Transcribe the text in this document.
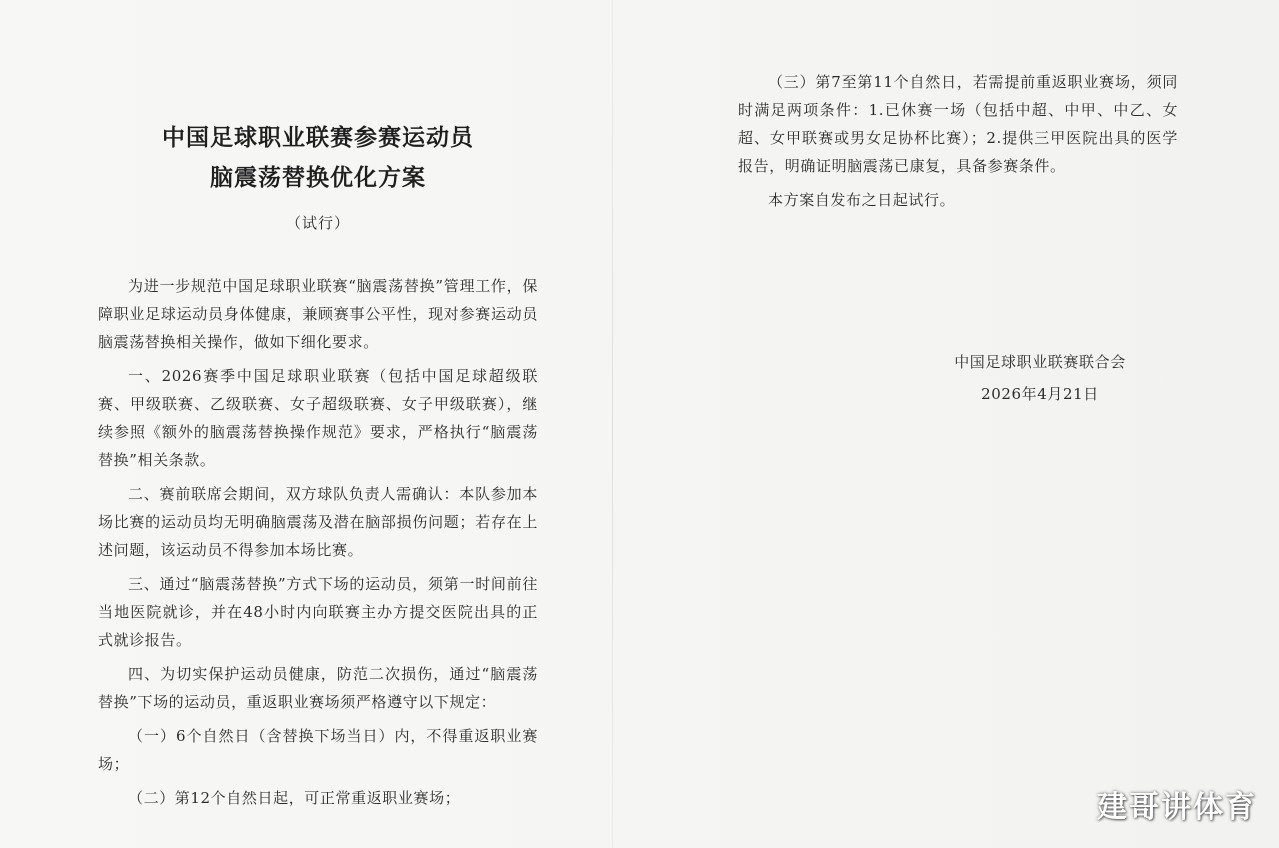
中国足球职业联赛参赛运动员
脑震荡替换优化方案

（试行）

为进一步规范中国足球职业联赛“脑震荡替换”管理工作，保障职业足球运动员身体健康，兼顾赛事公平性，现对参赛运动员脑震荡替换相关操作，做如下细化要求。

一、2026赛季中国足球职业联赛（包括中国足球超级联赛、甲级联赛、乙级联赛、女子超级联赛、女子甲级联赛），继续参照《额外的脑震荡替换操作规范》要求，严格执行“脑震荡替换”相关条款。

二、赛前联席会期间，双方球队负责人需确认：本队参加本场比赛的运动员均无明确脑震荡及潜在脑部损伤问题；若存在上述问题，该运动员不得参加本场比赛。

三、通过“脑震荡替换”方式下场的运动员，须第一时间前往当地医院就诊，并在48小时内向联赛主办方提交医院出具的正式就诊报告。

四、为切实保护运动员健康，防范二次损伤，通过“脑震荡替换”下场的运动员，重返职业赛场须严格遵守以下规定：

（一）6个自然日（含替换下场当日）内，不得重返职业赛场；

（二）第12个自然日起，可正常重返职业赛场；

（三）第7至第11个自然日，若需提前重返职业赛场，须同时满足两项条件：1.已休赛一场（包括中超、中甲、中乙、女超、女甲联赛或男女足协杯比赛）；2.提供三甲医院出具的医学报告，明确证明脑震荡已康复，具备参赛条件。

本方案自发布之日起试行。

中国足球职业联赛联合会
2026年4月21日
建哥讲体育
